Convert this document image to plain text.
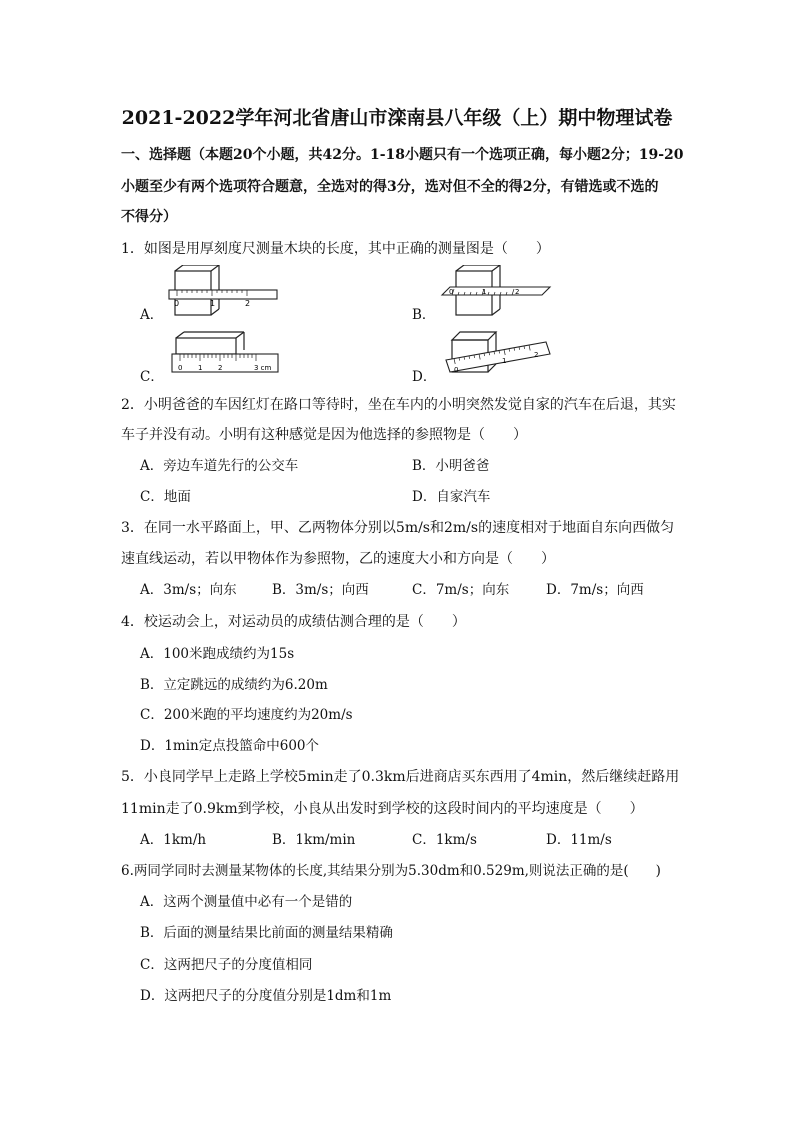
2021-2022学年河北省唐山市滦南县八年级（上）期中物理试卷
一、选择题（本题20个小题，共42分。1-18小题只有一个选项正确，每小题2分；19-20
小题至少有两个选项符合题意，全选对的得3分，选对但不全的得2分，有错选或不选的
不得分）
1．如图是用厚刻度尺测量木块的长度，其中正确的测量图是（　　）
A．
0	1	2
B．
0	1	2
C．
0 1 2	3 cm
D．	0
1
2
2．小明爸爸的车因红灯在路口等待时，坐在车内的小明突然发觉自家的汽车在后退，其实
车子并没有动。小明有这种感觉是因为他选择的参照物是（　　）
A．旁边车道先行的公交车	B．小明爸爸
C．地面	D．自家汽车
3．在同一水平路面上，甲、乙两物体分别以5m/s和2m/s的速度相对于地面自东向西做匀
速直线运动，若以甲物体作为参照物，乙的速度大小和方向是（　　）
A．3m/s；向东	B．3m/s；向西	C．7m/s；向东	D．7m/s；向西
4．校运动会上，对运动员的成绩估测合理的是（　　）
A．100米跑成绩约为15s
B．立定跳远的成绩约为6.20m
C．200米跑的平均速度约为20m/s
D．1min定点投篮命中600个
5．小良同学早上走路上学校5min走了0.3km后进商店买东西用了4min，然后继续赶路用
11min走了0.9km到学校，小良从出发时到学校的这段时间内的平均速度是（　　）
A．1km/h	B．1km/min	C．1km/s	D．11m/s
6.两同学同时去测量某物体的长度,其结果分别为5.30dm和0.529m,则说法正确的是(　　)
A．这两个测量值中必有一个是错的
B．后面的测量结果比前面的测量结果精确
C．这两把尺子的分度值相同
D．这两把尺子的分度值分别是1dm和1m
